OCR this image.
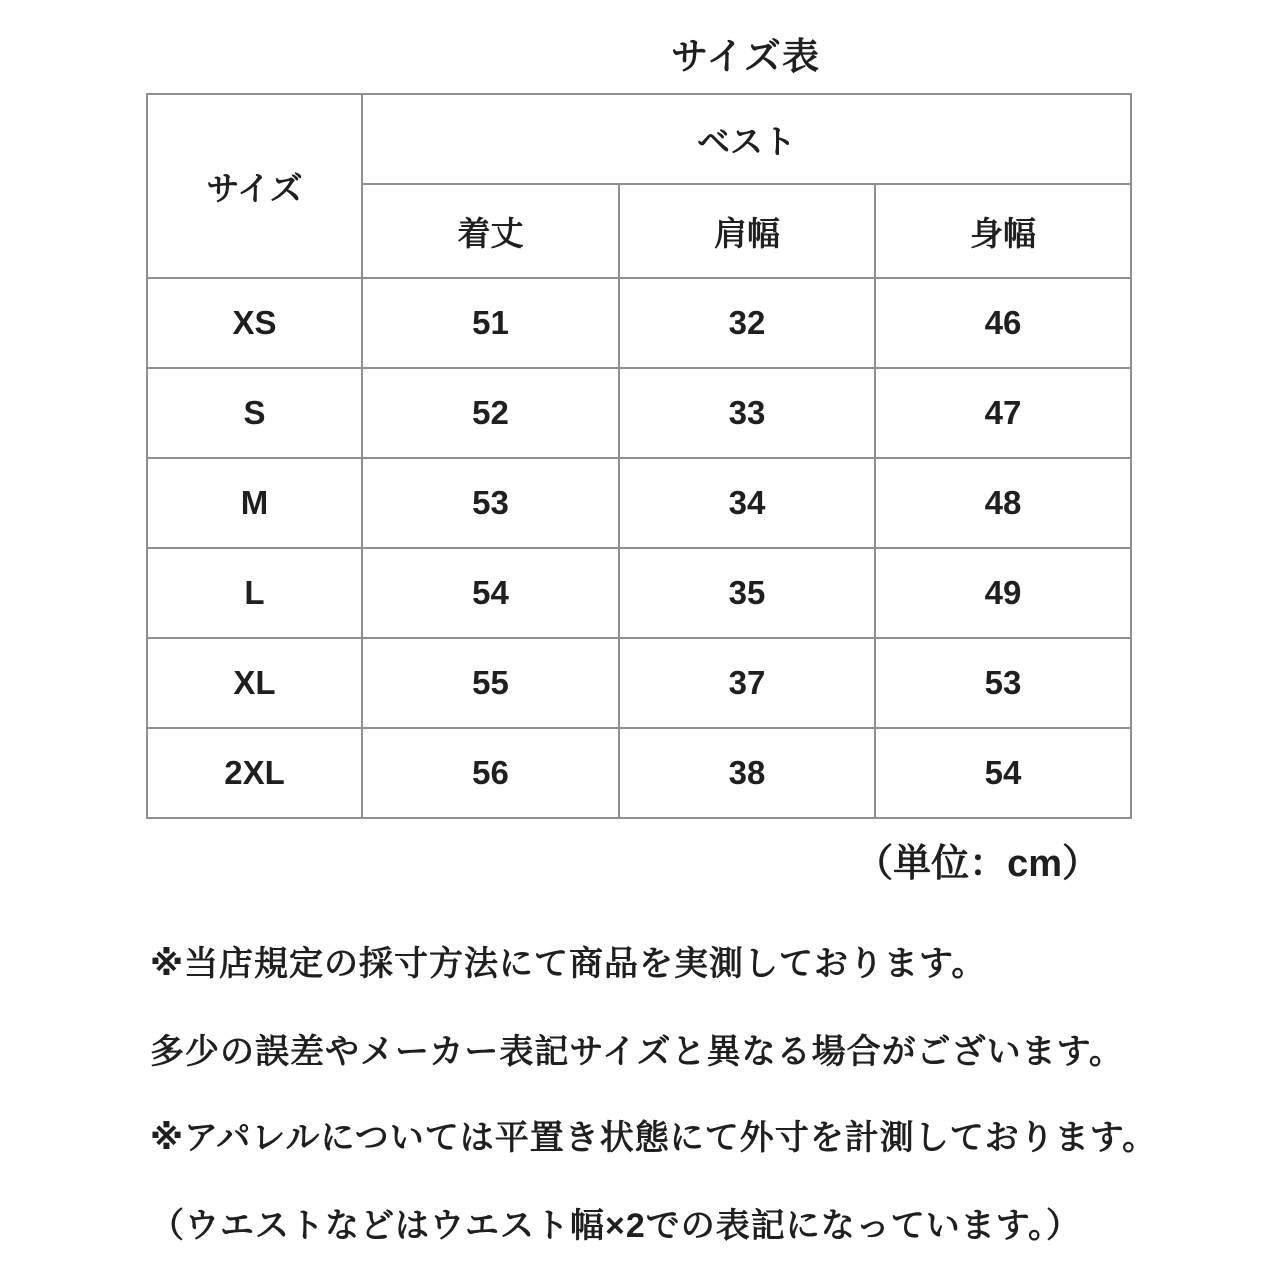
サイズ表
サイズ	ベスト		
	着丈	肩幅	身幅
XS	51	32	46
S	52	33	47
M	53	34	48
L	54	35	49
XL	55	37	53
2XL	56	38	54
（単位：cm）
※当店規定の採寸方法にて商品を実測しております。
多少の誤差やメーカー表記サイズと異なる場合がございます。
※アパレルについては平置き状態にて外寸を計測しております。
（ウエストなどはウエスト幅×2での表記になっています。）
